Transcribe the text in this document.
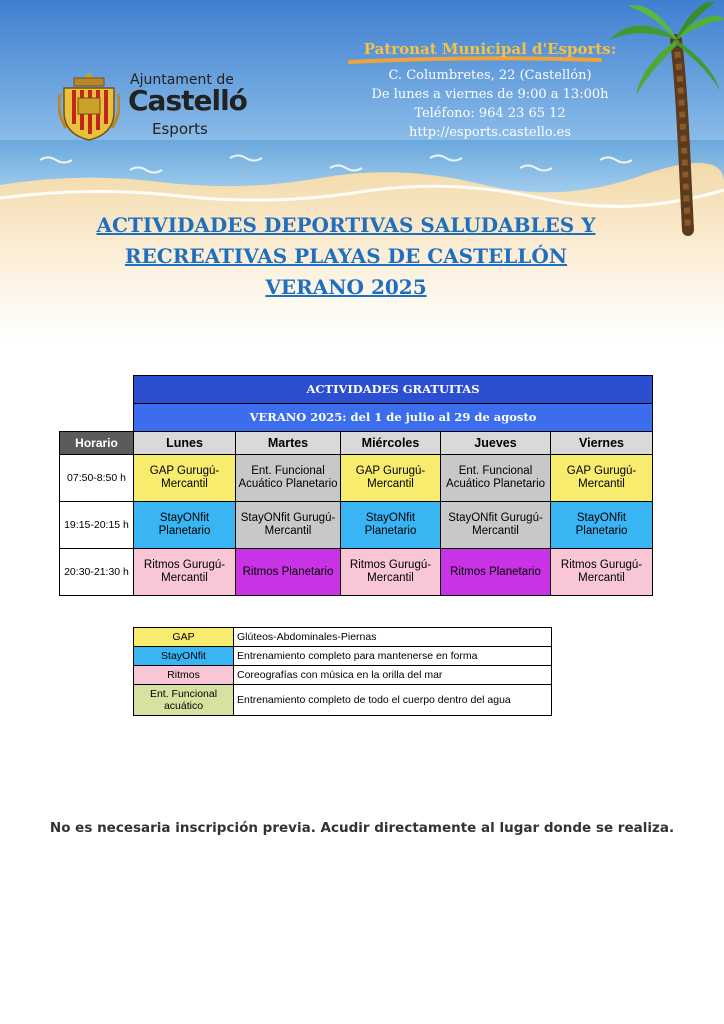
Ajuntament de
Castelló
Esports
Patronat Municipal d'Esports:
C. Columbretes, 22 (Castellón)
De lunes a viernes de 9:00 a 13:00h
Teléfono: 964 23 65 12
http://esports.castello.es
ACTIVIDADES DEPORTIVAS SALUDABLES Y
RECREATIVAS PLAYAS DE CASTELLÓN
VERANO 2025
	ACTIVIDADES GRATUITAS				
	VERANO 2025: del 1 de julio al 29 de agosto				
Horario	Lunes	Martes	Miércoles	Jueves	Viernes
07:50-8:50 h	GAP Gurugú-Mercantil	Ent. Funcional Acuático Planetario	GAP Gurugú-Mercantil	Ent. Funcional Acuático Planetario	GAP Gurugú-Mercantil
19:15-20:15 h	StayONfit Planetario	StayONfit Gurugú-Mercantil	StayONfit Planetario	StayONfit Gurugú-Mercantil	StayONfit Planetario
20:30-21:30 h	Ritmos Gurugú-Mercantil	Ritmos Planetario	Ritmos Gurugú-Mercantil	Ritmos Planetario	Ritmos Gurugú-Mercantil
GAP	Glúteos-Abdominales-Piernas
StayONfit	Entrenamiento completo para mantenerse en forma
Ritmos	Coreografías con música en la orilla del mar
Ent. Funcional acuático	Entrenamiento completo de todo el cuerpo dentro del agua
No es necesaria inscripción previa. Acudir directamente al lugar donde se realiza.
